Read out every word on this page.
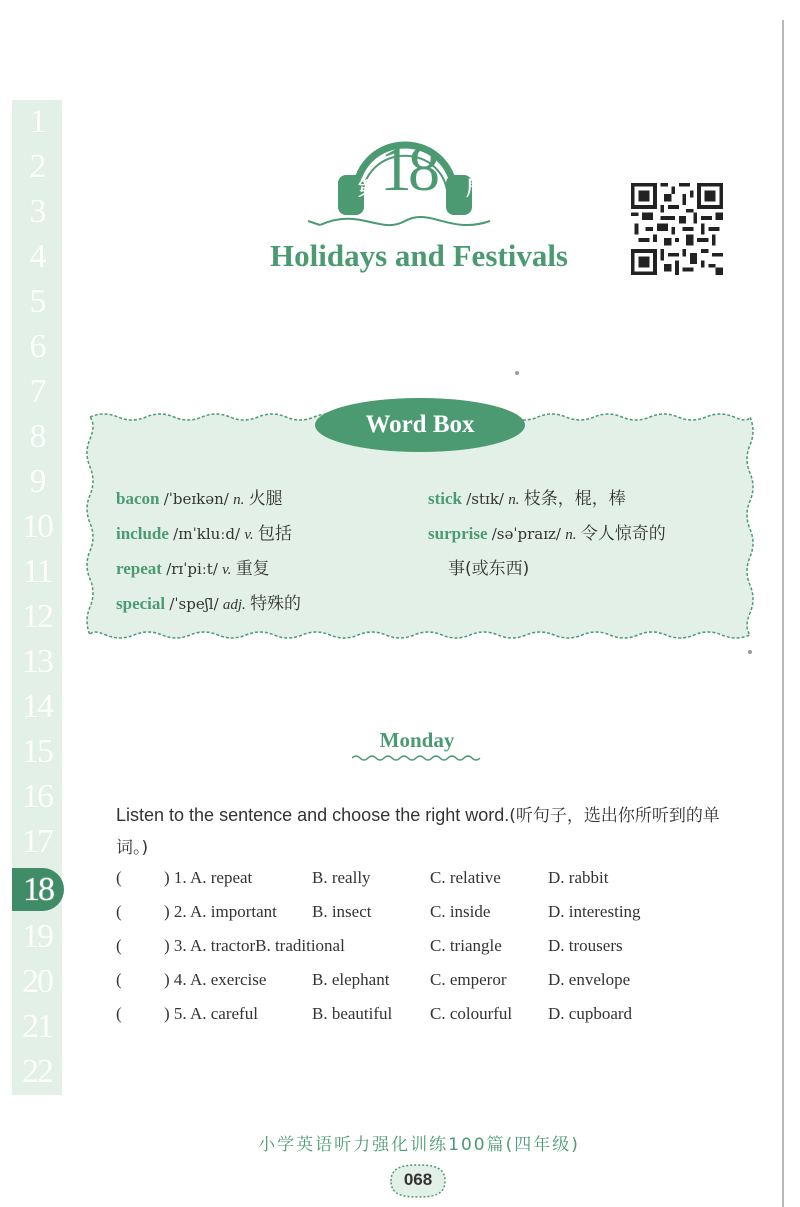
1
2
3
4
5
6
7
8
9
10
11
12
13
14
15
16
17
18
19
20
21
22
第 18 周
Holidays and Festivals
Word Box
bacon /ˈbeɪkən/ n. 火腿
include /ɪnˈkluːd/ v. 包括
repeat /rɪˈpiːt/ v. 重复
special /ˈspeʃl/ adj. 特殊的
stick /stɪk/ n. 枝条，棍，棒
surprise /səˈpraɪz/ n. 令人惊奇的
事(或东西)
Monday
Listen to the sentence and choose the right word.(听句子，选出你所听到的单词。)
( ) 1. A. repeat	B. really	C. relative	D. rabbit
( ) 2. A. important B. insect	C. inside	D. interesting
( ) 3. A. tractorB. traditional	C. triangle	D. trousers
( ) 4. A. exercise	B. elephant C. emperor D. envelope
( ) 5. A. careful	B. beautiful C. colourful D. cupboard
小学英语听力强化训练100篇(四年级)
068
